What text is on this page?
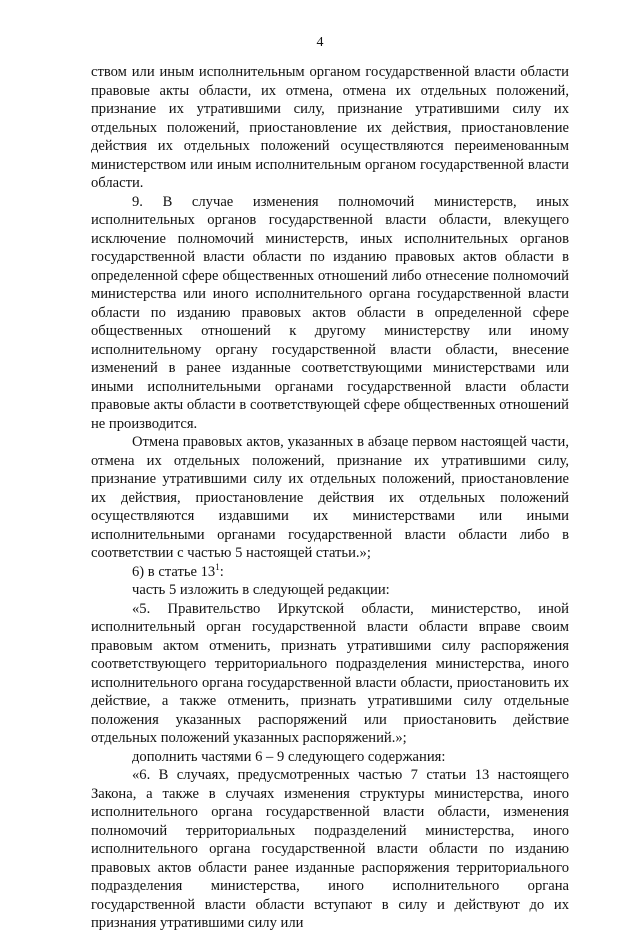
4

ством или иным исполнительным органом государственной власти области правовые акты области, их отмена, отмена их отдельных положений, признание их утратившими силу, признание утратившими силу их отдельных положений, приостановление их действия, приостановление действия их отдельных положений осуществляются переименованным министерством или иным исполнительным органом государственной власти области.

9. В случае изменения полномочий министерств, иных исполнительных органов государственной власти области, влекущего исключение полномочий министерств, иных исполнительных органов государственной власти области по изданию правовых актов области в определенной сфере общественных отношений либо отнесение полномочий министерства или иного исполнительного органа государственной власти области по изданию правовых актов области в определенной сфере общественных отношений к другому министерству или иному исполнительному органу государственной власти области, внесение изменений в ранее изданные соответствующими министерствами или иными исполнительными органами государственной власти области правовые акты области в соответствующей сфере общественных отношений не производится.

Отмена правовых актов, указанных в абзаце первом настоящей части, отмена их отдельных положений, признание их утратившими силу, признание утратившими силу их отдельных положений, приостановление их действия, приостановление действия их отдельных положений осуществляются издавшими их министерствами или иными исполнительными органами государственной власти области либо в соответствии с частью 5 настоящей статьи.»;

6) в статье $13^1$:

часть 5 изложить в следующей редакции:

«5. Правительство Иркутской области, министерство, иной исполнительный орган государственной власти области вправе своим правовым актом отменить, признать утратившими силу распоряжения соответствующего территориального подразделения министерства, иного исполнительного органа государственной власти области, приостановить их действие, а также отменить, признать утратившими силу отдельные положения указанных распоряжений или приостановить действие отдельных положений указанных распоряжений.»;

дополнить частями 6 – 9 следующего содержания:

«6. В случаях, предусмотренных частью 7 статьи 13 настоящего Закона, а также в случаях изменения структуры министерства, иного исполнительного органа государственной власти области, изменения полномочий территориальных подразделений министерства, иного исполнительного органа государственной власти области по изданию правовых актов области ранее изданные распоряжения территориального подразделения министерства, иного исполнительного органа государственной власти области вступают в силу и действуют до их признания утратившими силу или
